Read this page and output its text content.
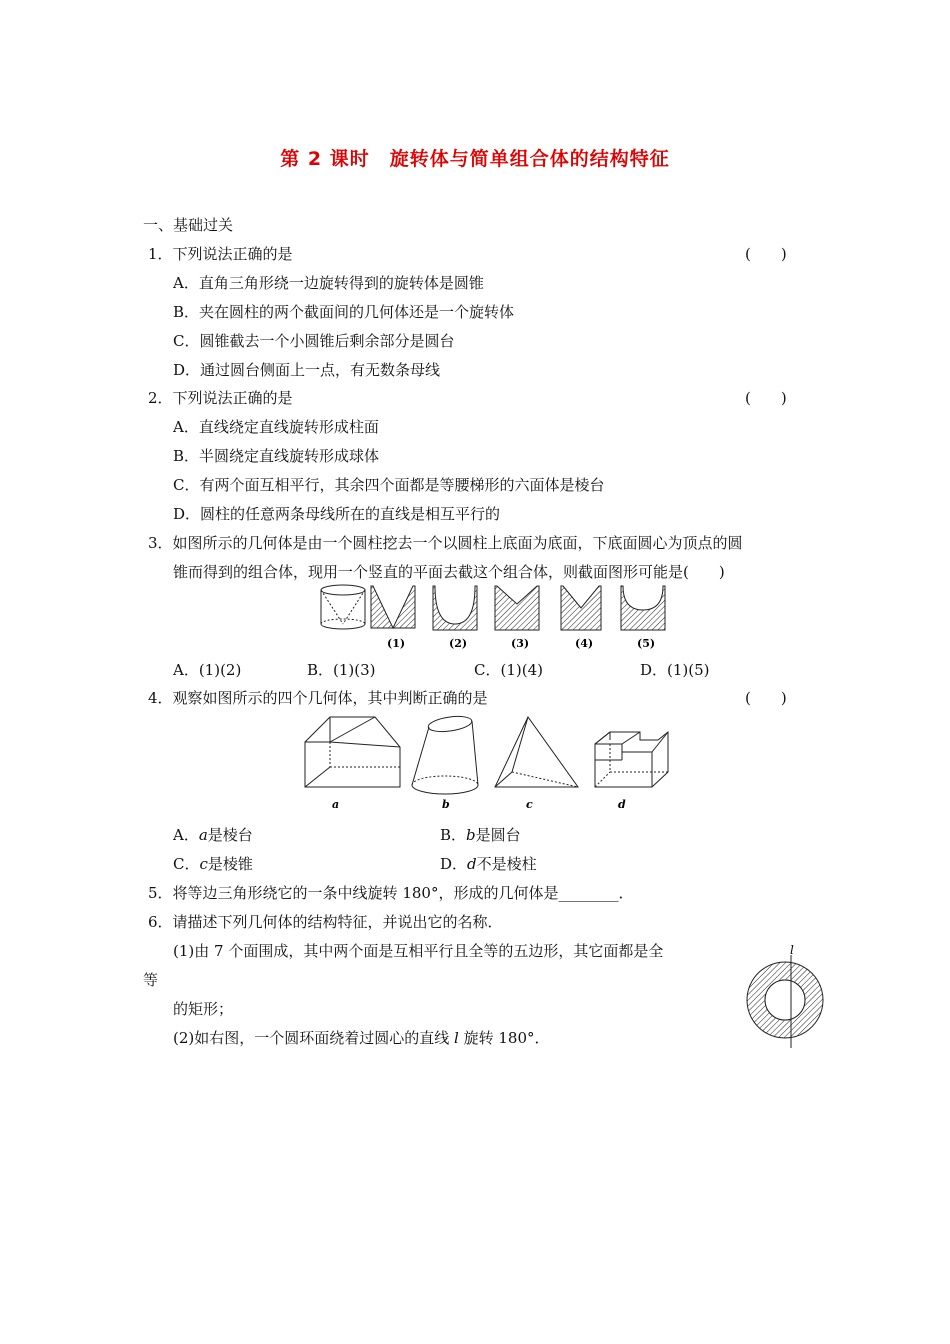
第 2 课时　旋转体与简单组合体的结构特征
一、基础过关
1．下列说法正确的是	(　　)
A．直角三角形绕一边旋转得到的旋转体是圆锥
B．夹在圆柱的两个截面间的几何体还是一个旋转体
C．圆锥截去一个小圆锥后剩余部分是圆台
D．通过圆台侧面上一点，有无数条母线
2．下列说法正确的是	(　　)
A．直线绕定直线旋转形成柱面
B．半圆绕定直线旋转形成球体
C．有两个面互相平行，其余四个面都是等腰梯形的六面体是棱台
D．圆柱的任意两条母线所在的直线是相互平行的
3．如图所示的几何体是由一个圆柱挖去一个以圆柱上底面为底面，下底面圆心为顶点的圆
锥而得到的组合体，现用一个竖直的平面去截这个组合体，则截面图形可能是(　　)
(1)	(2)	(3)	(4)	(5)
A．(1)(2)	B．(1)(3)	C．(1)(4)	D．(1)(5)
4．观察如图所示的四个几何体，其中判断正确的是	(　　)
a	b	c	d
A．a是棱台	B．b是圆台
C．c是棱锥	D．d不是棱柱
5．将等边三角形绕它的一条中线旋转 180°，形成的几何体是________．
6．请描述下列几何体的结构特征，并说出它的名称．
(1)由 7 个面围成，其中两个面是互相平行且全等的五边形，其它面都是全
等
的矩形；
(2)如右图，一个圆环面绕着过圆心的直线 l 旋转 180°．
l
